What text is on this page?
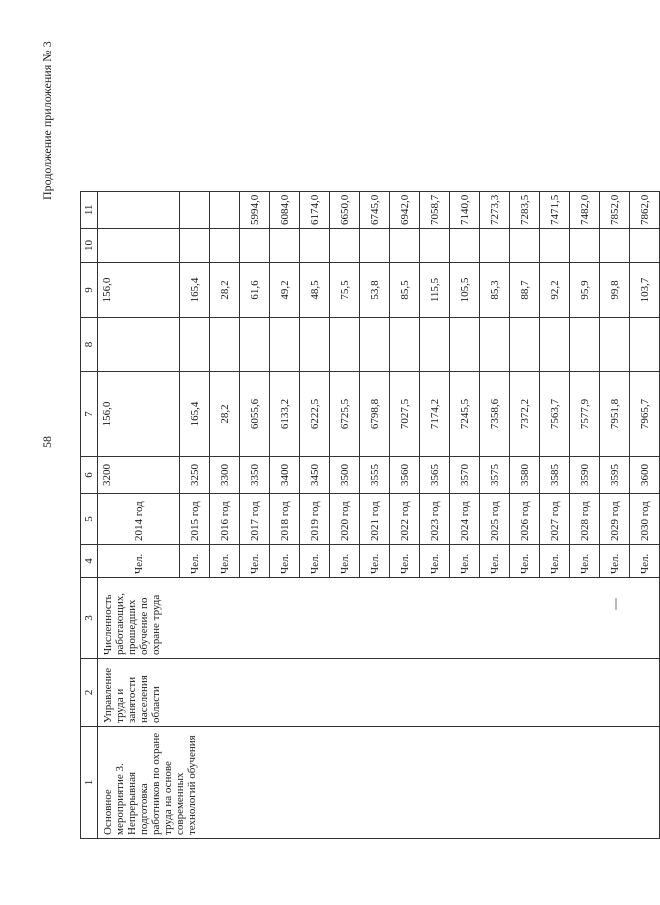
58
Продолжение приложения № 3
1	2	3	4	5	6	7	8	9	10	11
Основное мероприятие 3. Непрерывная подготовка работников по охране труда на основе современных технологий обучения	Управление труда и занятости населения области	Численность работающих, прошедших обучение по охране труда	Чел.	2014 год	3200	156,0		156,0		
			Чел.	2015 год	3250	165,4		165,4		
			Чел.	2016 год	3300	28,2		28,2		
			Чел.	2017 год	3350	6055,6		61,6		5994,0
			Чел.	2018 год	3400	6133,2		49,2		6084,0
			Чел.	2019 год	3450	6222,5		48,5		6174,0
			Чел.	2020 год	3500	6725,5		75,5		6650,0
			Чел.	2021 год	3555	6798,8		53,8		6745,0
			Чел.	2022 год	3560	7027,5		85,5		6942,0
			Чел.	2023 год	3565	7174,2		115,5		7058,7
			Чел.	2024 год	3570	7245,5		105,5		7140,0
			Чел.	2025 год	3575	7358,6		85,3		7273,3
			Чел.	2026 год	3580	7372,2		88,7		7283,5
			Чел.	2027 год	3585	7563,7		92,2		7471,5
			Чел.	2028 год	3590	7577,9		95,9		7482,0
			Чел.	2029 год	3595	7951,8		99,8		7852,0
			Чел.	2030 год	3600	7965,7		103,7		7862,0
